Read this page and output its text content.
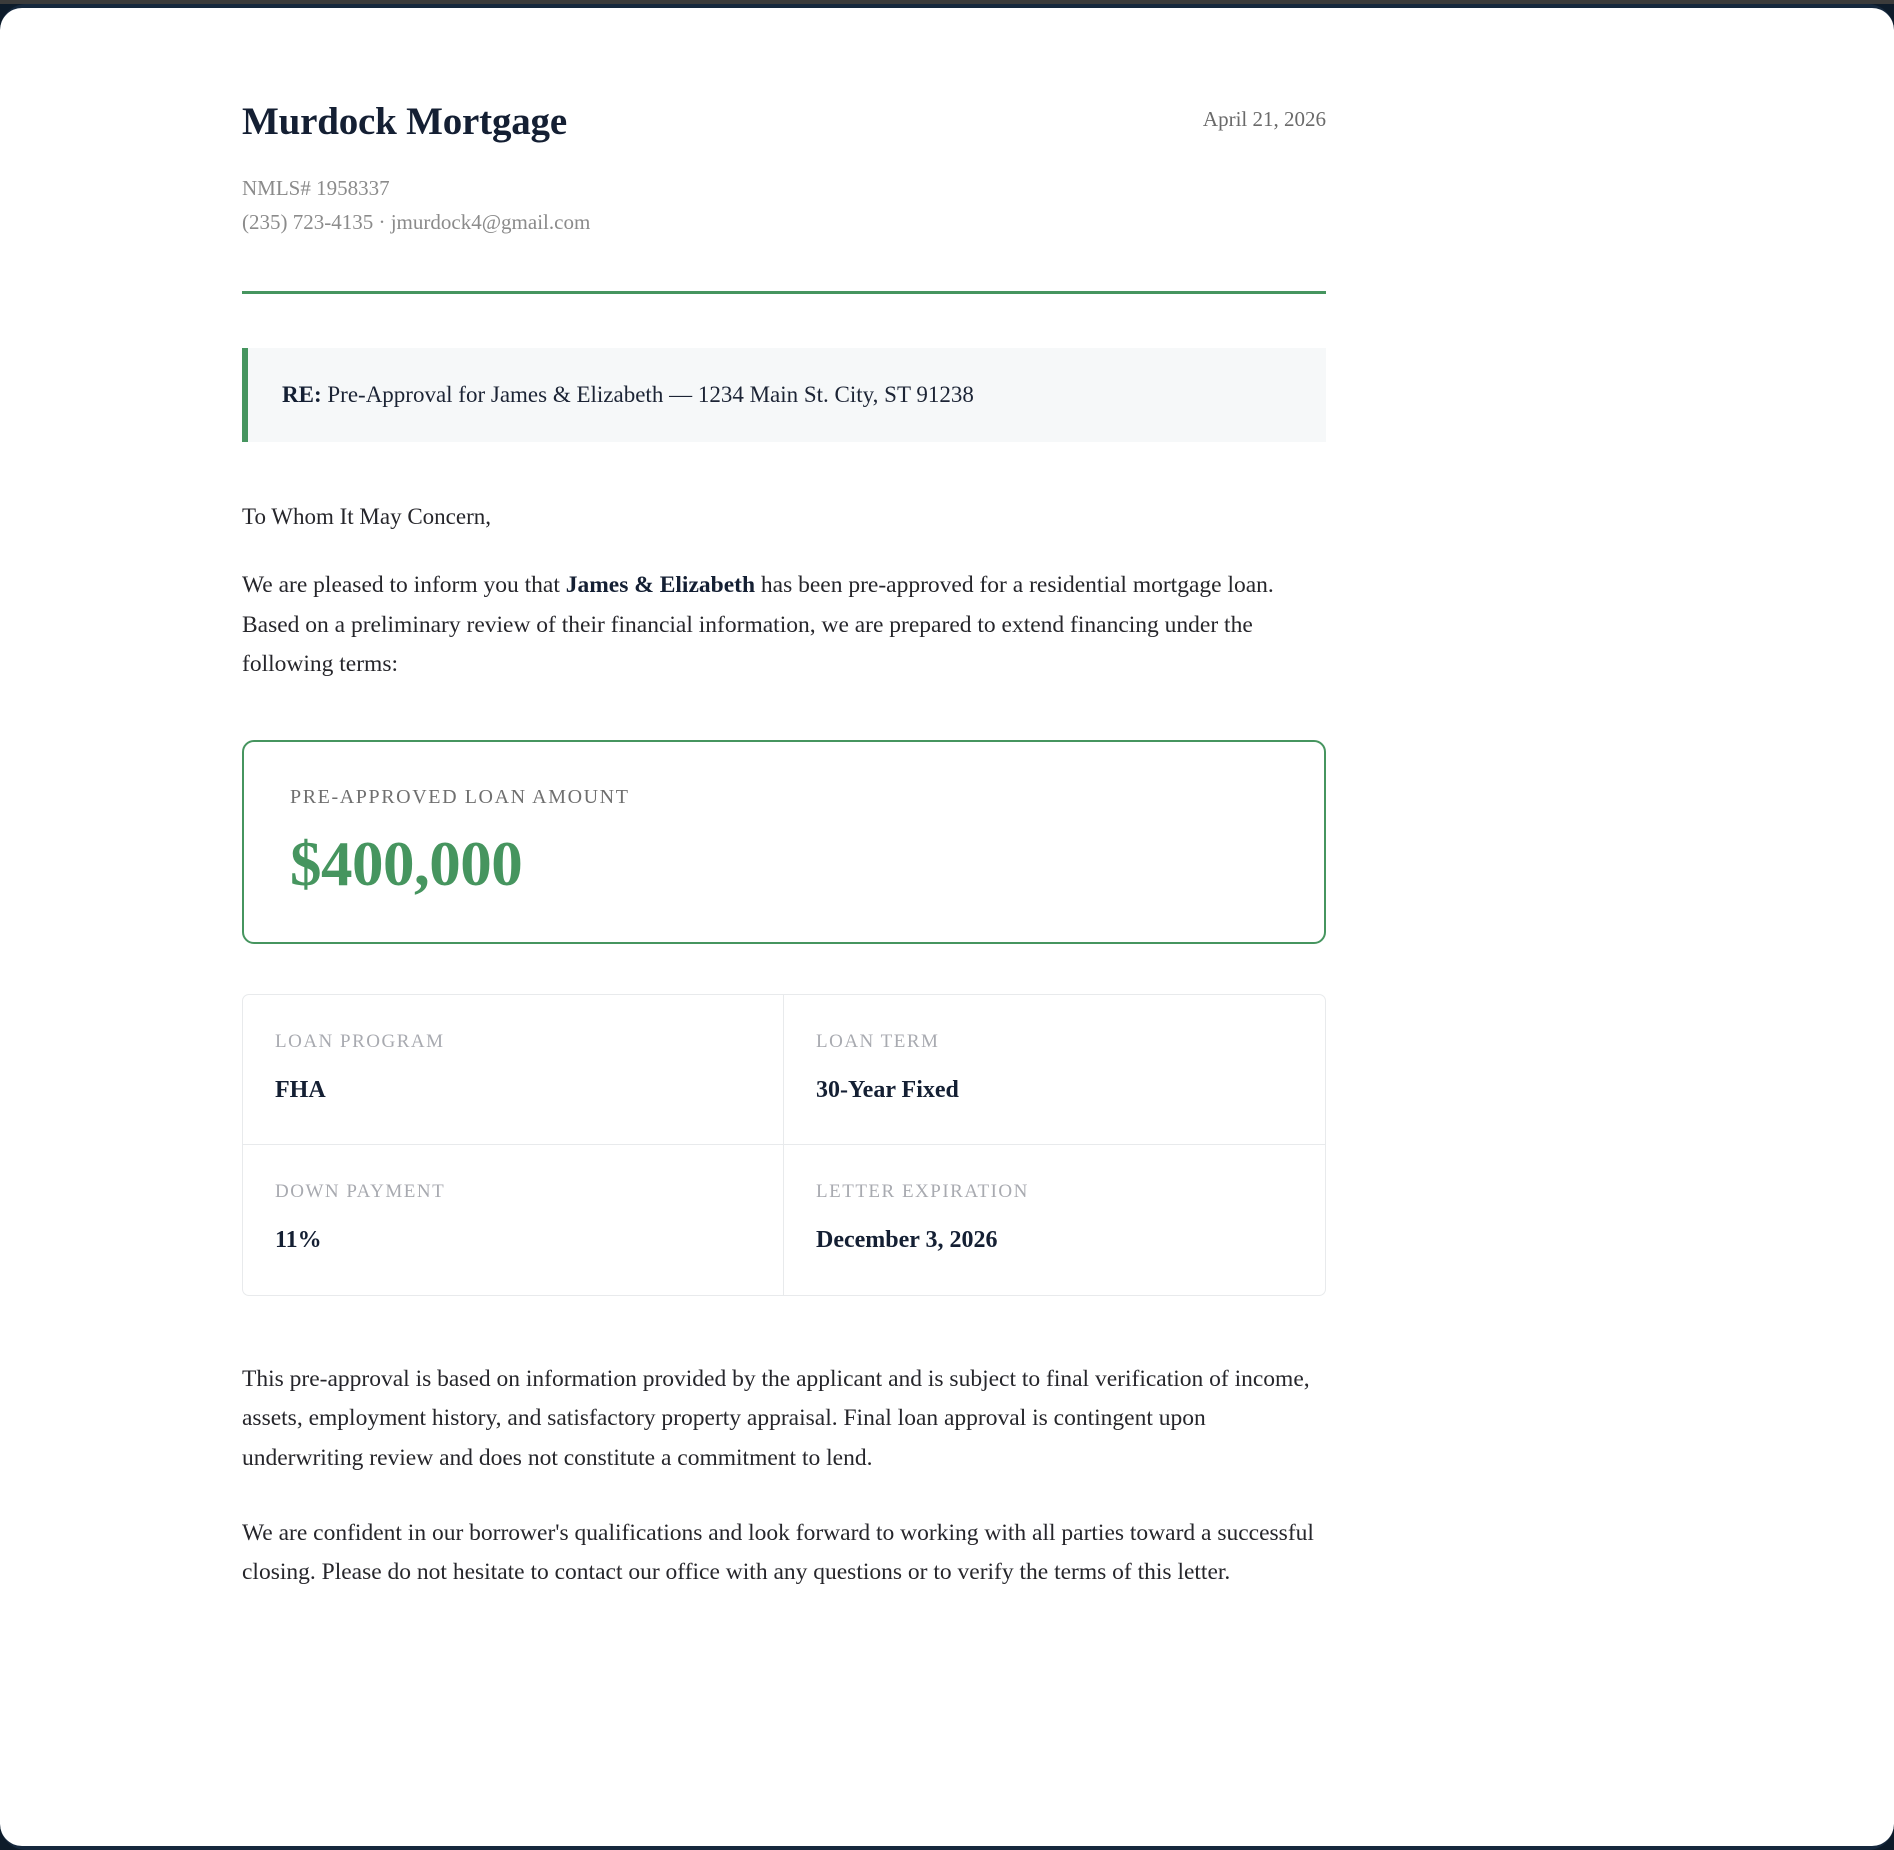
Murdock Mortgage	April 21, 2026
NMLS# 1958337
(235) 723-4135 · jmurdock4@gmail.com
RE: Pre-Approval for James & Elizabeth — 1234 Main St. City, ST 91238
To Whom It May Concern,

We are pleased to inform you that James & Elizabeth has been pre-approved for a residential mortgage loan. Based on a preliminary review of their financial information, we are prepared to extend financing under the following terms:

PRE-APPROVED LOAN AMOUNT
$400,000
LOAN PROGRAM
FHA
LOAN TERM
30-Year Fixed
DOWN PAYMENT
11%
LETTER EXPIRATION
December 3, 2026

This pre-approval is based on information provided by the applicant and is subject to final verification of income, assets, employment history, and satisfactory property appraisal. Final loan approval is contingent upon underwriting review and does not constitute a commitment to lend.

We are confident in our borrower's qualifications and look forward to working with all parties toward a successful closing. Please do not hesitate to contact our office with any questions or to verify the terms of this letter.
